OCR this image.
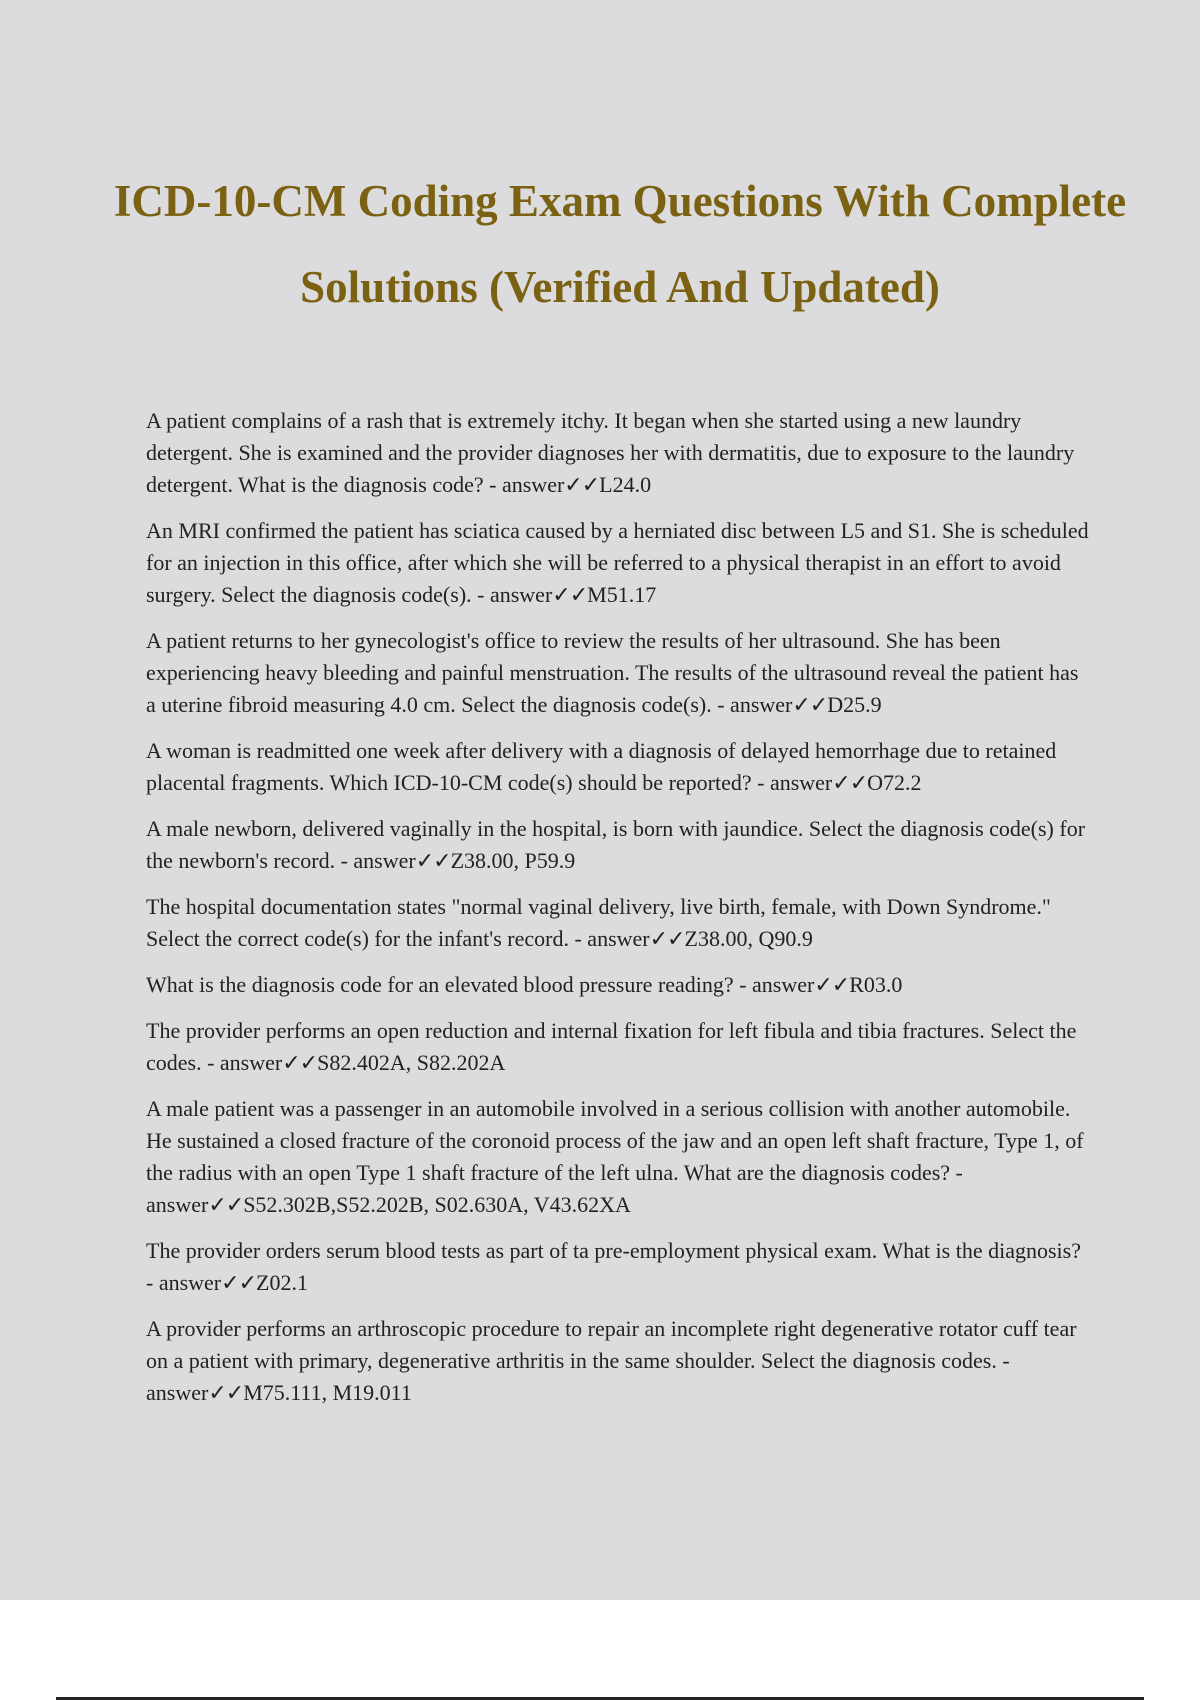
ICD-10-CM Coding Exam Questions With Complete Solutions (Verified And Updated)

A patient complains of a rash that is extremely itchy. It began when she started using a new laundry detergent. She is examined and the provider diagnoses her with dermatitis, due to exposure to the laundry detergent. What is the diagnosis code? - answer✓✓L24.0

An MRI confirmed the patient has sciatica caused by a herniated disc between L5 and S1. She is scheduled for an injection in this office, after which she will be referred to a physical therapist in an effort to avoid surgery. Select the diagnosis code(s). - answer✓✓M51.17

A patient returns to her gynecologist's office to review the results of her ultrasound. She has been experiencing heavy bleeding and painful menstruation. The results of the ultrasound reveal the patient has a uterine fibroid measuring 4.0 cm. Select the diagnosis code(s). - answer✓✓D25.9

A woman is readmitted one week after delivery with a diagnosis of delayed hemorrhage due to retained placental fragments. Which ICD-10-CM code(s) should be reported? - answer✓✓O72.2

A male newborn, delivered vaginally in the hospital, is born with jaundice. Select the diagnosis code(s) for the newborn's record. - answer✓✓Z38.00, P59.9

The hospital documentation states "normal vaginal delivery, live birth, female, with Down Syndrome." Select the correct code(s) for the infant's record. - answer✓✓Z38.00, Q90.9

What is the diagnosis code for an elevated blood pressure reading? - answer✓✓R03.0

The provider performs an open reduction and internal fixation for left fibula and tibia fractures. Select the codes. - answer✓✓S82.402A, S82.202A

A male patient was a passenger in an automobile involved in a serious collision with another automobile. He sustained a closed fracture of the coronoid process of the jaw and an open left shaft fracture, Type 1, of the radius with an open Type 1 shaft fracture of the left ulna. What are the diagnosis codes? - answer✓✓S52.302B,S52.202B, S02.630A, V43.62XA

The provider orders serum blood tests as part of ta pre-employment physical exam. What is the diagnosis? - answer✓✓Z02.1

A provider performs an arthroscopic procedure to repair an incomplete right degenerative rotator cuff tear on a patient with primary, degenerative arthritis in the same shoulder. Select the diagnosis codes. - answer✓✓M75.111, M19.011
